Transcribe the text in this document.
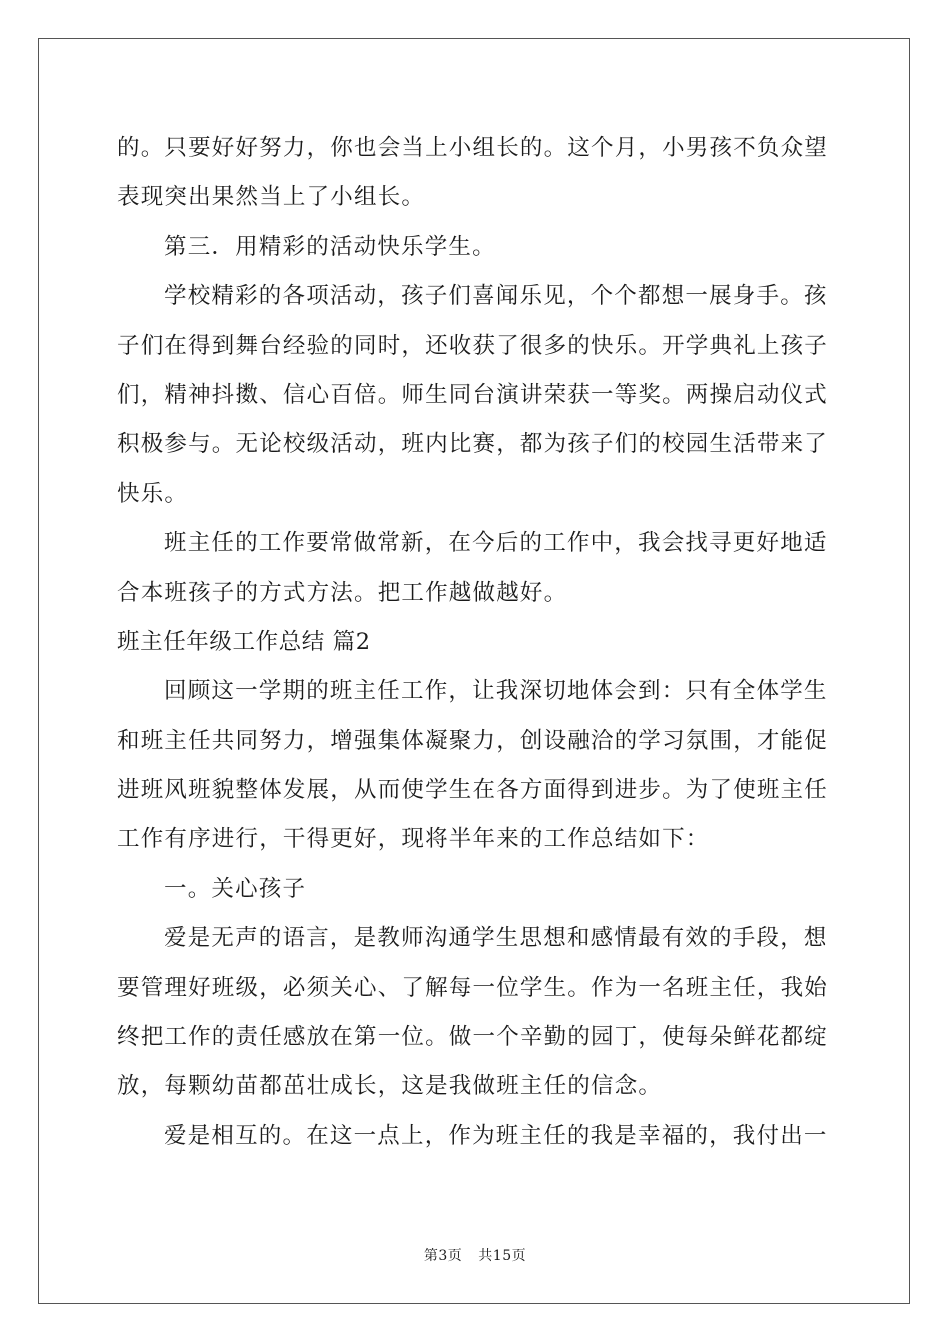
的。只要好好努力，你也会当上小组长的。这个月，小男孩不负众望
表现突出果然当上了小组长。
第三．用精彩的活动快乐学生。
学校精彩的各项活动，孩子们喜闻乐见，个个都想一展身手。孩
子们在得到舞台经验的同时，还收获了很多的快乐。开学典礼上孩子
们，精神抖擞、信心百倍。师生同台演讲荣获一等奖。两操启动仪式
积极参与。无论校级活动，班内比赛，都为孩子们的校园生活带来了
快乐。
班主任的工作要常做常新，在今后的工作中，我会找寻更好地适
合本班孩子的方式方法。把工作越做越好。
班主任年级工作总结 篇2
回顾这一学期的班主任工作，让我深切地体会到：只有全体学生
和班主任共同努力，增强集体凝聚力，创设融洽的学习氛围，才能促
进班风班貌整体发展，从而使学生在各方面得到进步。为了使班主任
工作有序进行，干得更好，现将半年来的工作总结如下：
一。关心孩子
爱是无声的语言，是教师沟通学生思想和感情最有效的手段，想
要管理好班级，必须关心、了解每一位学生。作为一名班主任，我始
终把工作的责任感放在第一位。做一个辛勤的园丁，使每朵鲜花都绽
放，每颗幼苗都茁壮成长，这是我做班主任的信念。
爱是相互的。在这一点上，作为班主任的我是幸福的，我付出一
第3页 共15页
